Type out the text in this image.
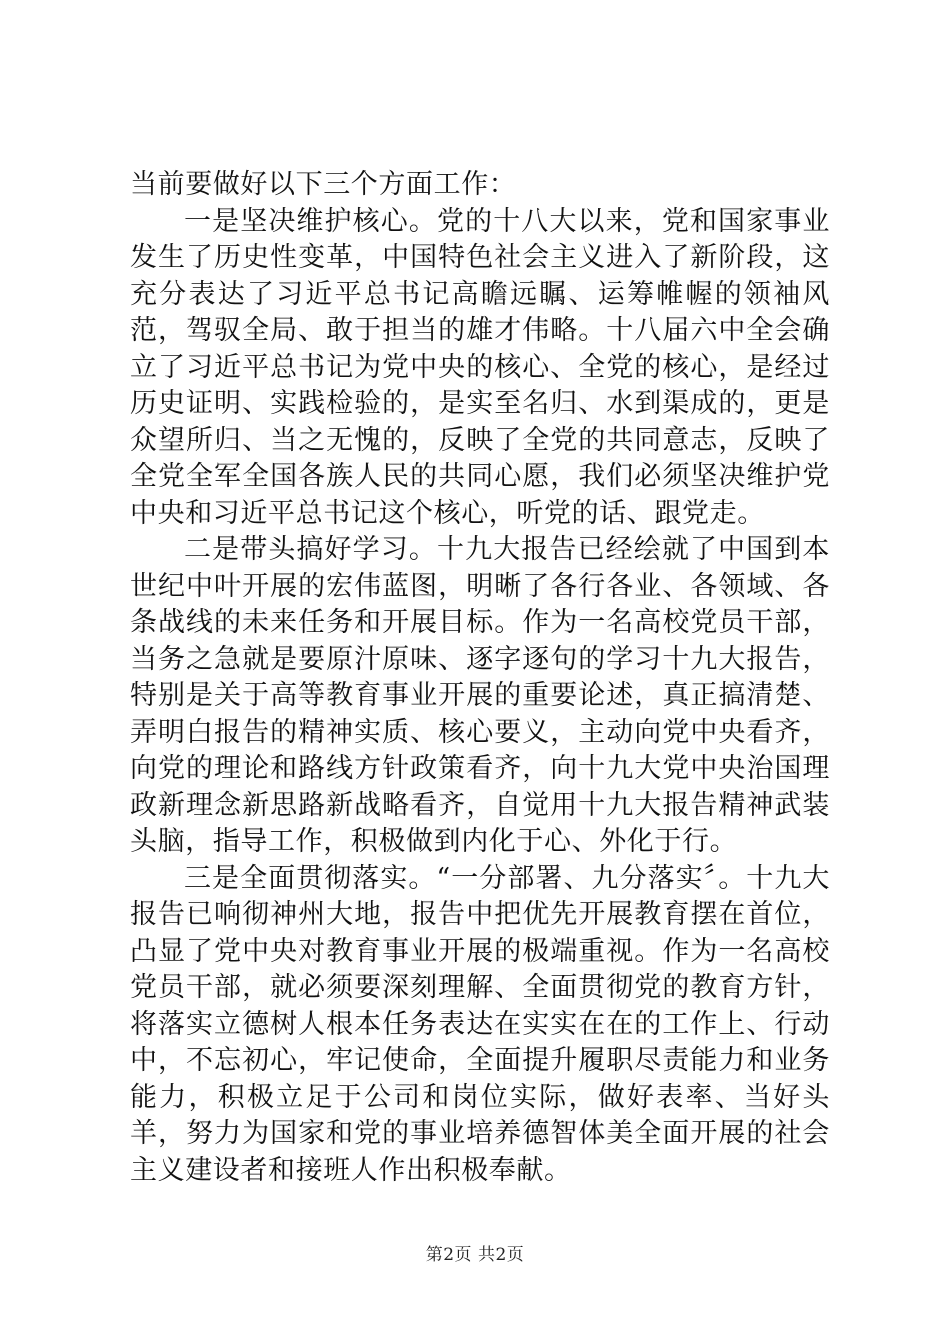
当前要做好以下三个方面工作：

一是坚决维护核心。党的十八大以来，党和国家事业发生了历史性变革，中国特色社会主义进入了新阶段，这充分表达了习近平总书记高瞻远瞩、运筹帷幄的领袖风范，驾驭全局、敢于担当的雄才伟略。十八届六中全会确立了习近平总书记为党中央的核心、全党的核心，是经过历史证明、实践检验的，是实至名归、水到渠成的，更是众望所归、当之无愧的，反映了全党的共同意志，反映了全党全军全国各族人民的共同心愿，我们必须坚决维护党中央和习近平总书记这个核心，听党的话、跟党走。

二是带头搞好学习。十九大报告已经绘就了中国到本世纪中叶开展的宏伟蓝图，明晰了各行各业、各领域、各条战线的未来任务和开展目标。作为一名高校党员干部，当务之急就是要原汁原味、逐字逐句的学习十九大报告，特别是关于高等教育事业开展的重要论述，真正搞清楚、弄明白报告的精神实质、核心要义，主动向党中央看齐，向党的理论和路线方针政策看齐，向十九大党中央治国理政新理念新思路新战略看齐，自觉用十九大报告精神武装头脑，指导工作，积极做到内化于心、外化于行。

三是全面贯彻落实。“一分部署、九分落实〞。十九大报告已响彻神州大地，报告中把优先开展教育摆在首位，凸显了党中央对教育事业开展的极端重视。作为一名高校党员干部，就必须要深刻理解、全面贯彻党的教育方针，将落实立德树人根本任务表达在实实在在的工作上、行动中，不忘初心，牢记使命，全面提升履职尽责能力和业务能力，积极立足于公司和岗位实际，做好表率、当好头羊，努力为国家和党的事业培养德智体美全面开展的社会主义建设者和接班人作出积极奉献。

第2页 共2页
